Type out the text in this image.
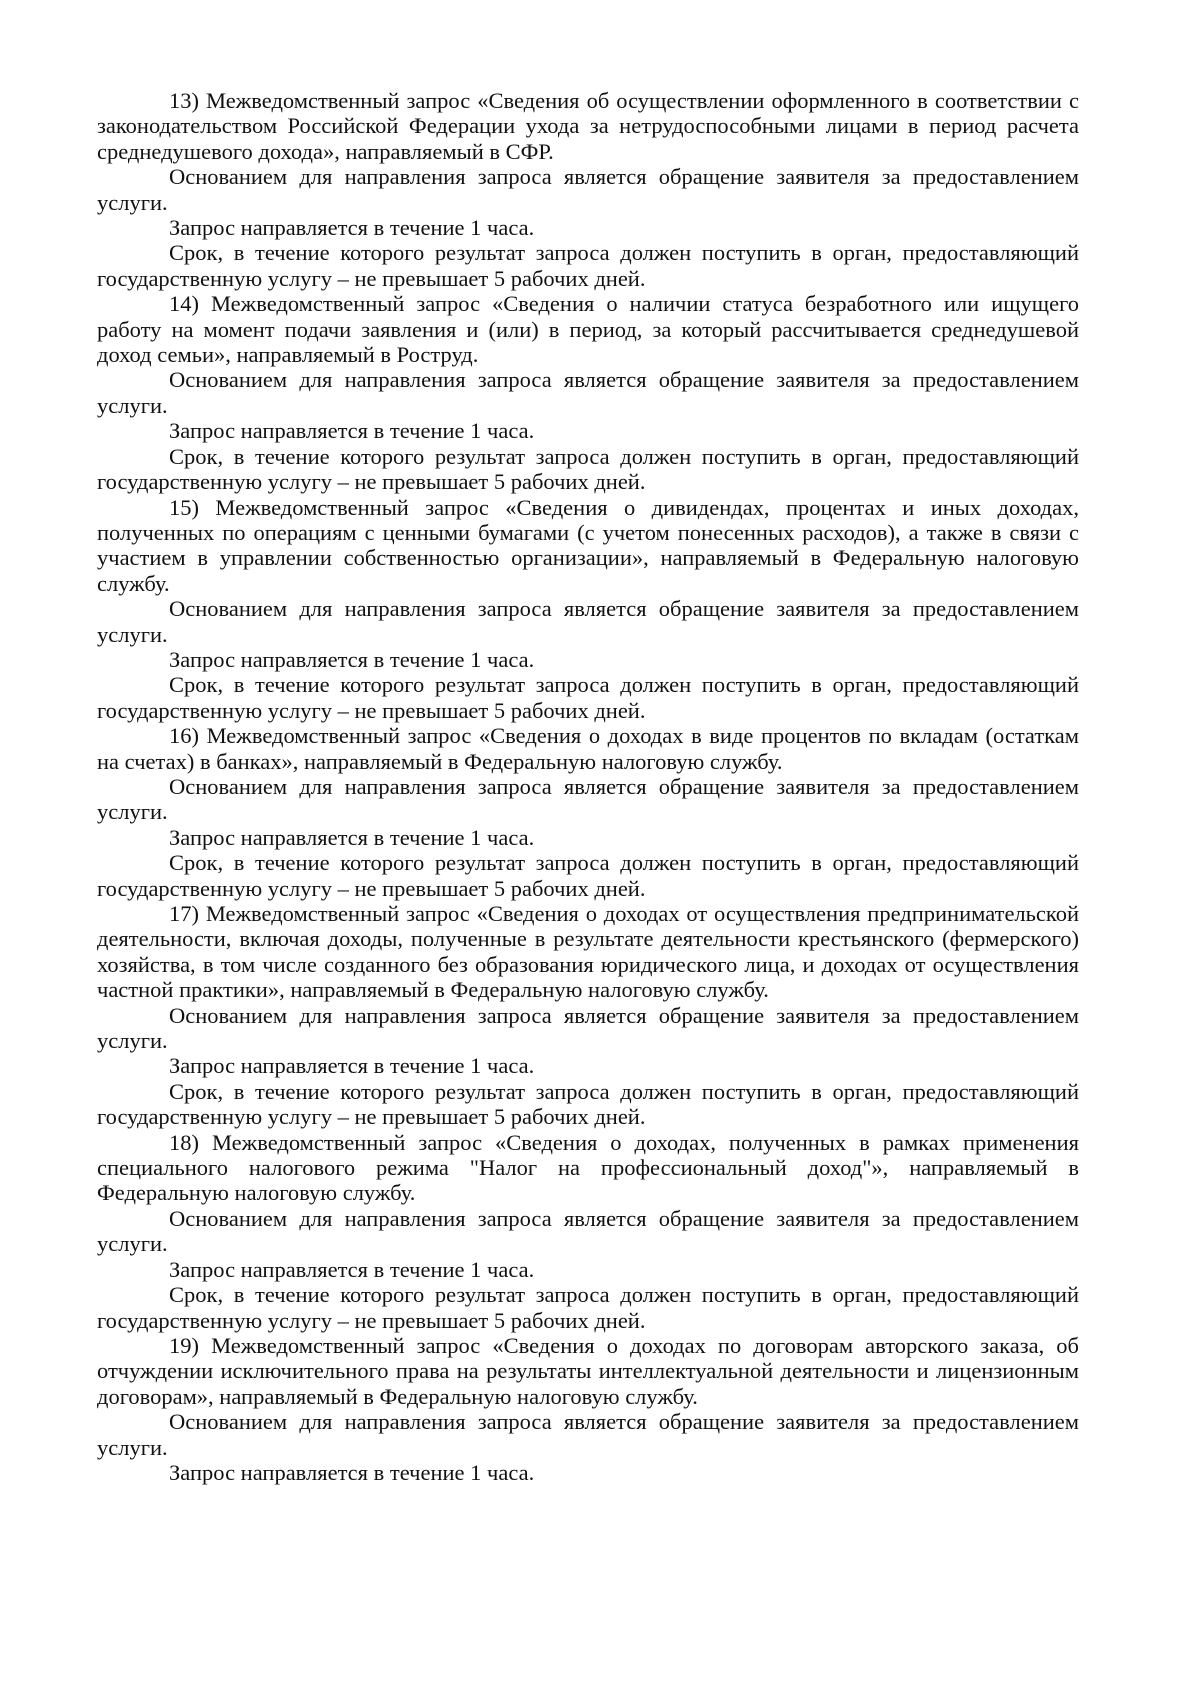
13) Межведомственный запрос «Сведения об осуществлении оформленного в соответствии с законодательством Российской Федерации ухода за нетрудоспособными лицами в период расчета среднедушевого дохода», направляемый в СФР.

Основанием для направления запроса является обращение заявителя за предоставлением услуги.

Запрос направляется в течение 1 часа.

Срок, в течение которого результат запроса должен поступить в орган, предоставляющий государственную услугу – не превышает 5 рабочих дней.

14) Межведомственный запрос «Сведения о наличии статуса безработного или ищущего работу на момент подачи заявления и (или) в период, за который рассчитывается среднедушевой доход семьи», направляемый в Роструд.

Основанием для направления запроса является обращение заявителя за предоставлением услуги.

Запрос направляется в течение 1 часа.

Срок, в течение которого результат запроса должен поступить в орган, предоставляющий государственную услугу – не превышает 5 рабочих дней.

15) Межведомственный запрос «Сведения о дивидендах, процентах и иных доходах, полученных по операциям с ценными бумагами (с учетом понесенных расходов), а также в связи с участием в управлении собственностью организации», направляемый в Федеральную налоговую службу.

Основанием для направления запроса является обращение заявителя за предоставлением услуги.

Запрос направляется в течение 1 часа.

Срок, в течение которого результат запроса должен поступить в орган, предоставляющий государственную услугу – не превышает 5 рабочих дней.

16) Межведомственный запрос «Сведения о доходах в виде процентов по вкладам (остаткам на счетах) в банках», направляемый в Федеральную налоговую службу.

Основанием для направления запроса является обращение заявителя за предоставлением услуги.

Запрос направляется в течение 1 часа.

Срок, в течение которого результат запроса должен поступить в орган, предоставляющий государственную услугу – не превышает 5 рабочих дней.

17) Межведомственный запрос «Сведения о доходах от осуществления предпринимательской деятельности, включая доходы, полученные в результате деятельности крестьянского (фермерского) хозяйства, в том числе созданного без образования юридического лица, и доходах от осуществления частной практики», направляемый в Федеральную налоговую службу.

Основанием для направления запроса является обращение заявителя за предоставлением услуги.

Запрос направляется в течение 1 часа.

Срок, в течение которого результат запроса должен поступить в орган, предоставляющий государственную услугу – не превышает 5 рабочих дней.

18) Межведомственный запрос «Сведения о доходах, полученных в рамках применения специального налогового режима "Налог на профессиональный доход"», направляемый в Федеральную налоговую службу.

Основанием для направления запроса является обращение заявителя за предоставлением услуги.

Запрос направляется в течение 1 часа.

Срок, в течение которого результат запроса должен поступить в орган, предоставляющий государственную услугу – не превышает 5 рабочих дней.

19) Межведомственный запрос «Сведения о доходах по договорам авторского заказа, об отчуждении исключительного права на результаты интеллектуальной деятельности и лицензионным договорам», направляемый в Федеральную налоговую службу.

Основанием для направления запроса является обращение заявителя за предоставлением услуги.

Запрос направляется в течение 1 часа.
